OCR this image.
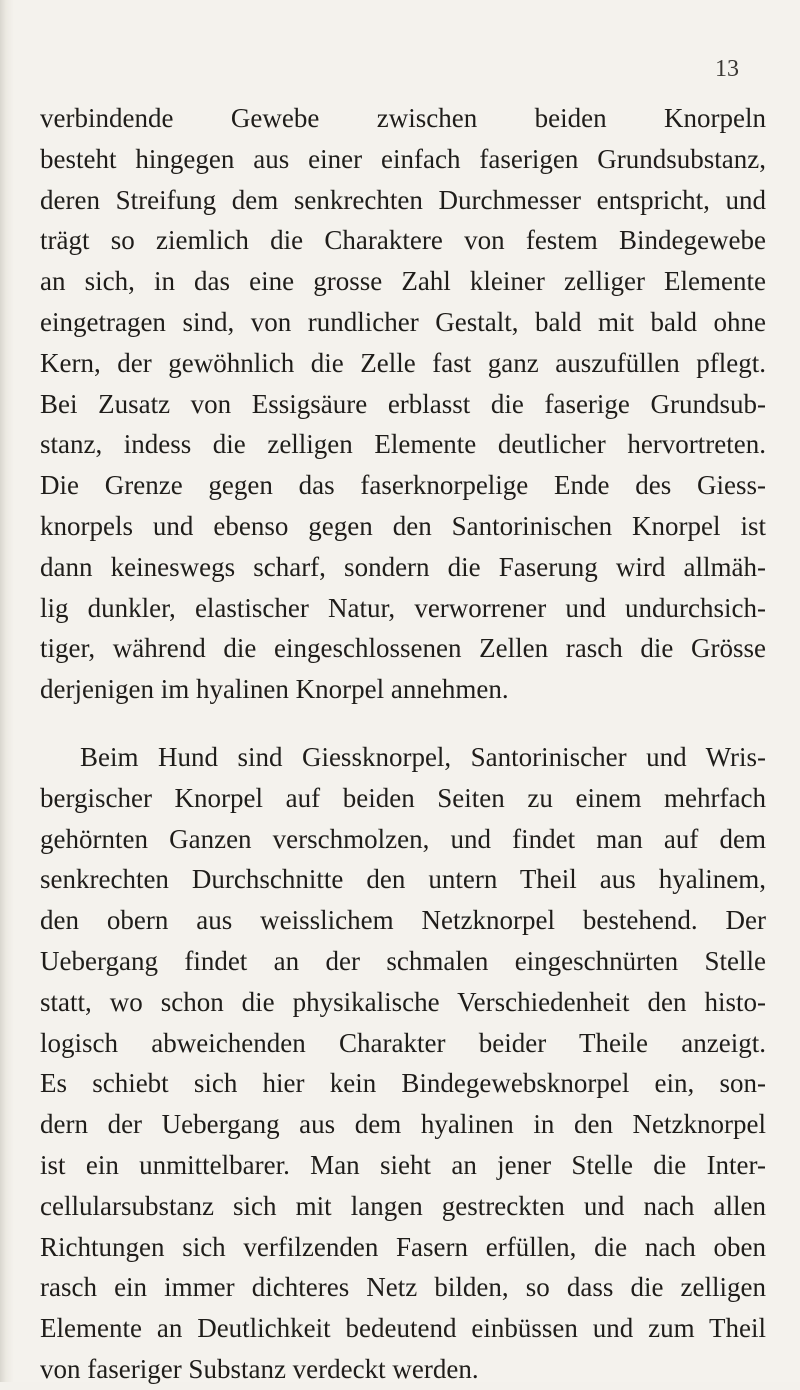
13
verbindende Gewebe zwischen beiden Knorpeln
besteht hingegen aus einer einfach faserigen Grundsubstanz,
deren Streifung dem senkrechten Durchmesser entspricht, und
trägt so ziemlich die Charaktere von festem Bindegewebe
an sich, in das eine grosse Zahl kleiner zelliger Elemente
eingetragen sind, von rundlicher Gestalt, bald mit bald ohne
Kern, der gewöhnlich die Zelle fast ganz auszufüllen pflegt.
Bei Zusatz von Essigsäure erblasst die faserige Grundsub-
stanz, indess die zelligen Elemente deutlicher hervortreten.
Die Grenze gegen das faserknorpelige Ende des Giess-
knorpels und ebenso gegen den Santorinischen Knorpel ist
dann keineswegs scharf, sondern die Faserung wird allmäh-
lig dunkler, elastischer Natur, verworrener und undurchsich-
tiger, während die eingeschlossenen Zellen rasch die Grösse
derjenigen im hyalinen Knorpel annehmen.
Beim Hund sind Giessknorpel, Santorinischer und Wris-
bergischer Knorpel auf beiden Seiten zu einem mehrfach
gehörnten Ganzen verschmolzen, und findet man auf dem
senkrechten Durchschnitte den untern Theil aus hyalinem,
den obern aus weisslichem Netzknorpel bestehend. Der
Uebergang findet an der schmalen eingeschnürten Stelle
statt, wo schon die physikalische Verschiedenheit den histo-
logisch abweichenden Charakter beider Theile anzeigt.
Es schiebt sich hier kein Bindegewebsknorpel ein, son-
dern der Uebergang aus dem hyalinen in den Netzknorpel
ist ein unmittelbarer. Man sieht an jener Stelle die Inter-
cellularsubstanz sich mit langen gestreckten und nach allen
Richtungen sich verfilzenden Fasern erfüllen, die nach oben
rasch ein immer dichteres Netz bilden, so dass die zelligen
Elemente an Deutlichkeit bedeutend einbüssen und zum Theil
von faseriger Substanz verdeckt werden.
